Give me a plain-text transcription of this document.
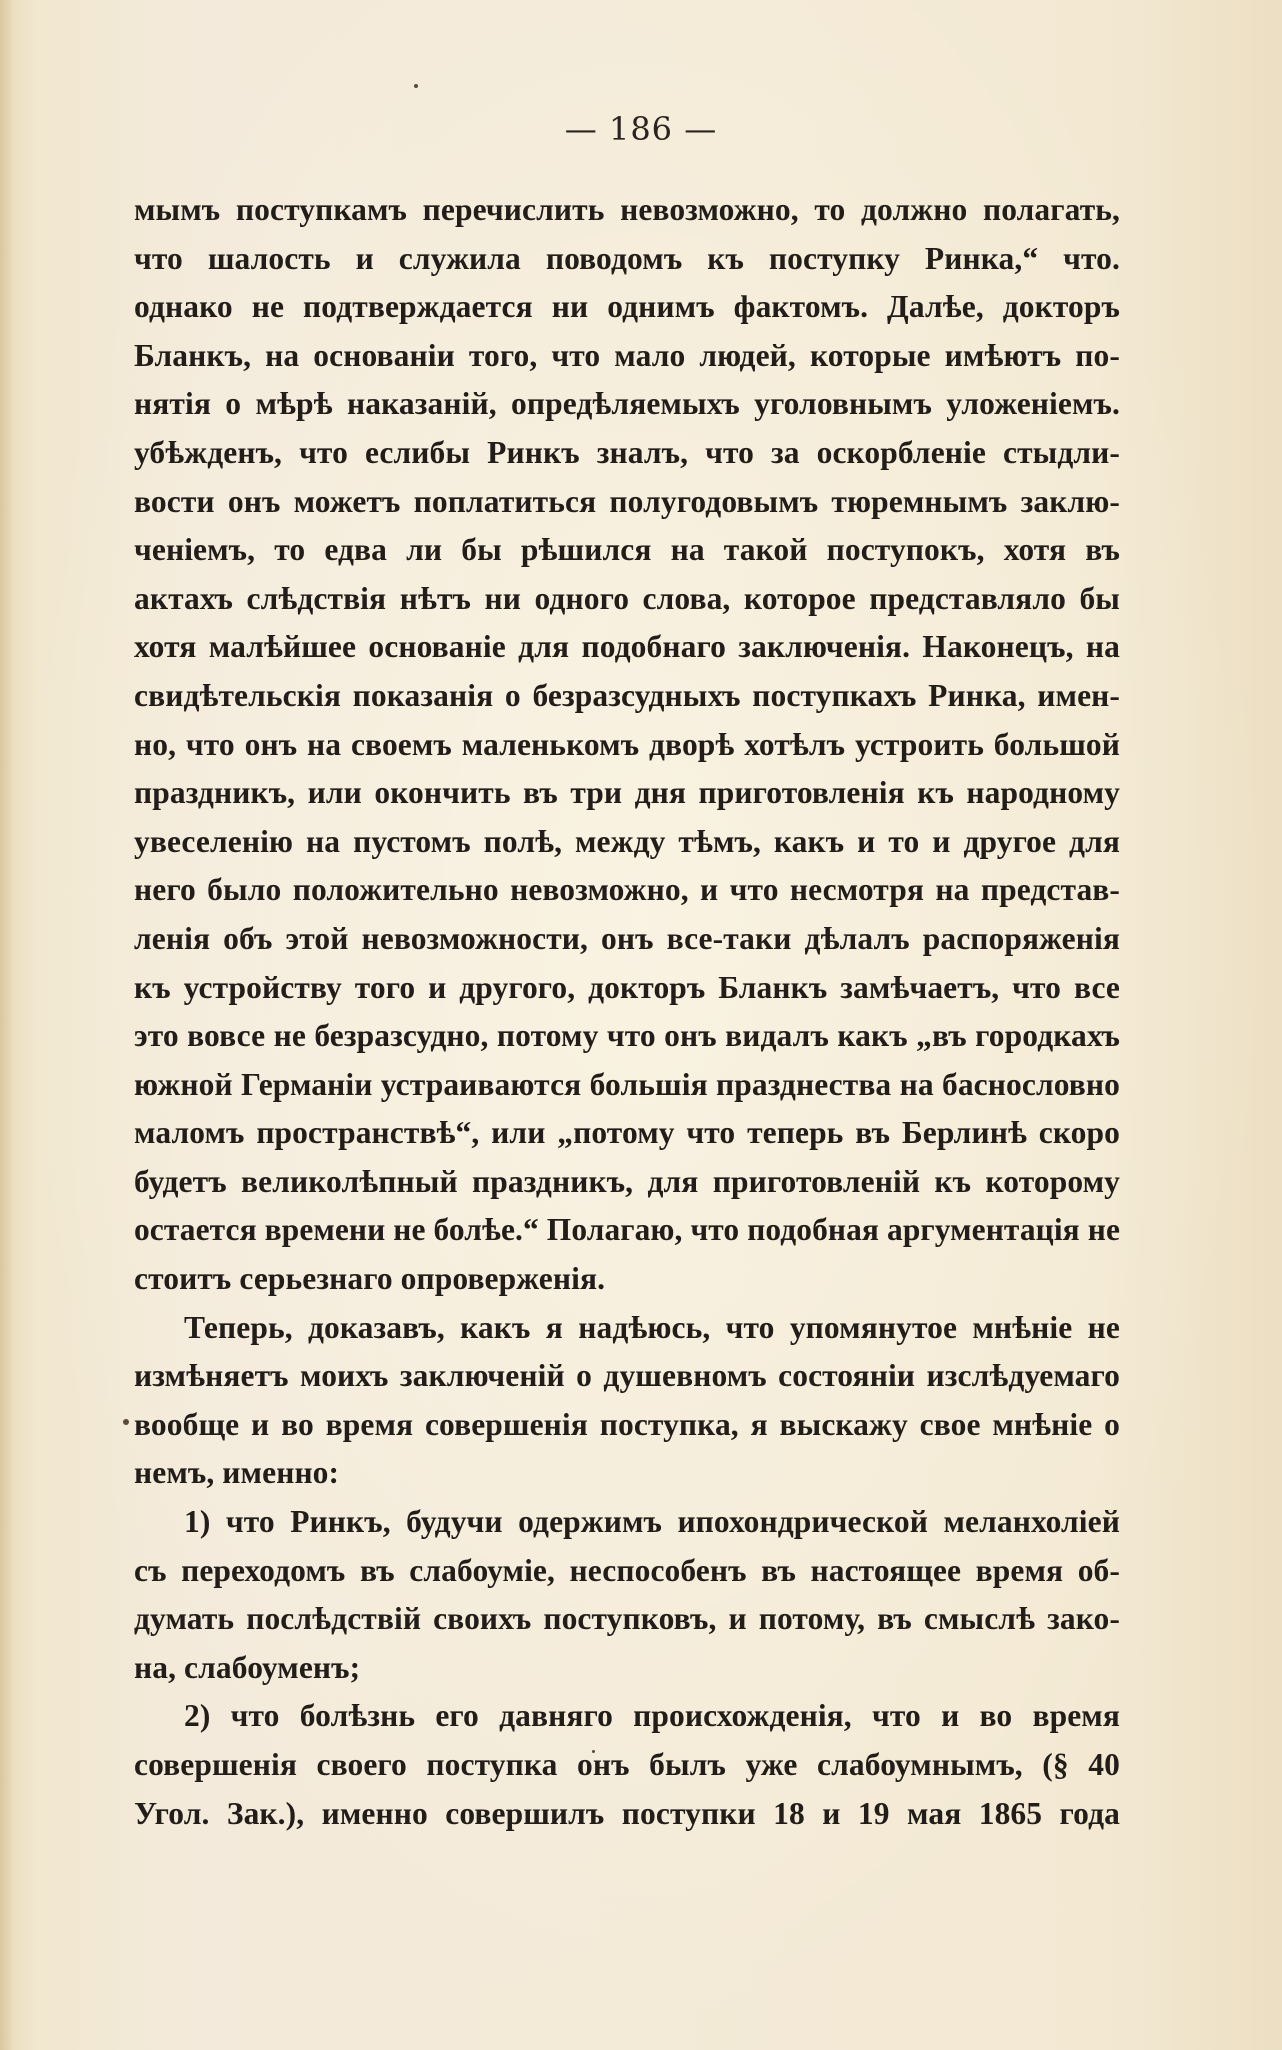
— 186 —
мымъ поступкамъ перечислить невозможно, то должно полагать,
что шалость и служила поводомъ къ поступку Ринка,“ что.
однако не подтверждается ни однимъ фактомъ. Далѣе, докторъ
Бланкъ, на основанiи того, что мало людей, которые имѣютъ по-
нятія о мѣрѣ наказаній, опредѣляемыхъ уголовнымъ уложеніемъ.
убѣжденъ, что еслибы Ринкъ зналъ, что за оскорбленіе стыдли-
вости онъ можетъ поплатиться полугодовымъ тюремнымъ заклю-
ченіемъ, то едва ли бы рѣшился на такой поступокъ, хотя въ
актахъ слѣдствія нѣтъ ни одного слова, которое представляло бы
хотя малѣйшее основаніе для подобнаго заключенія. Наконецъ, на
свидѣтельскія показанія о безразсудныхъ поступкахъ Ринка, имен-
но, что онъ на своемъ маленькомъ дворѣ хотѣлъ устроить большой
праздникъ, или окончить въ три дня приготовленія къ народному
увеселенію на пустомъ полѣ, между тѣмъ, какъ и то и другое для
него было положительно невозможно, и что несмотря на представ-
ленія объ этой невозможности, онъ все-таки дѣлалъ распоряженія
къ устройству того и другого, докторъ Бланкъ замѣчаетъ, что все
это вовсе не безразсудно, потому что онъ видалъ какъ „въ городкахъ
южной Германіи устраиваются большія празднества на баснословно
маломъ пространствѣ“, или „потому что теперь въ Берлинѣ скоро
будетъ великолѣпный праздникъ, для приготовленій къ которому
остается времени не болѣе.“ Полагаю, что подобная аргументація не
стоитъ серьезнаго опроверженія.
Теперь, доказавъ, какъ я надѣюсь, что упомянутое мнѣніе не
измѣняетъ моихъ заключеній о душевномъ состояніи изслѣдуемаго
вообще и во время совершенія поступка, я выскажу свое мнѣніе о
немъ, именно:
1) что Ринкъ, будучи одержимъ ипохондрической меланхоліей
съ переходомъ въ слабоумiе, неспособенъ въ настоящее время об-
думать послѣдствій своихъ поступковъ, и потому, въ смыслѣ зако-
на, слабоуменъ;
2) что болѣзнь его давняго происхожденія, что и во время
совершенія своего поступка онъ былъ уже слабоумнымъ, (§ 40
Угол. Зак.), именно совершилъ поступки 18 и 19 мая 1865 года
